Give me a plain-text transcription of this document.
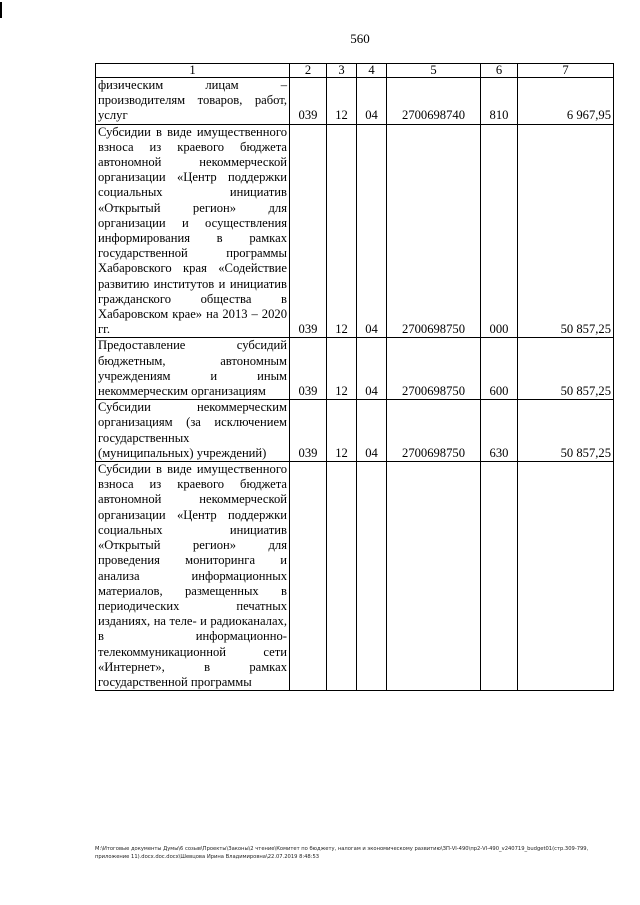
560
1	2	3	4	5	6	7
физическим лицам – производителям товаров, работ, услуг	039	12	04	2700698740	810	6 967,95
Субсидии в виде имущественного взноса из краевого бюджета автономной некоммерческой организации «Центр поддержки социальных инициатив «Открытый регион» для организации и осуществления информирования в рамках государственной программы Хабаровского края «Содействие развитию институтов и инициатив гражданского общества в Хабаровском крае» на 2013 – 2020 гг.	039	12	04	2700698750	000	50 857,25
Предоставление субсидий бюджетным, автономным учреждениям и иным некоммерческим организациям	039	12	04	2700698750	600	50 857,25
Субсидии некоммерческим организациям (за исключением государственных (муниципальных) учреждений)	039	12	04	2700698750	630	50 857,25
Субсидии в виде имущественного взноса из краевого бюджета автономной некоммерческой организации «Центр поддержки социальных инициатив «Открытый регион» для проведения мониторинга и анализа информационных материалов, размещенных в периодических печатных изданиях, на теле- и радиоканалах, в информационно-телекоммуникационной сети «Интернет», в рамках государственной программы						
M:\Итоговые документы Думы\6 созыв\Проекты\Законы\2 чтение\Комитет по бюджету, налогам и экономическому развитию\ЗП-VI-490\пр2-VI-490_v240719_budget01(стр.309-799, приложение 11).docx.doc.docx\Шевцова Ирина Владимировна\22.07.2019 8:48:53
